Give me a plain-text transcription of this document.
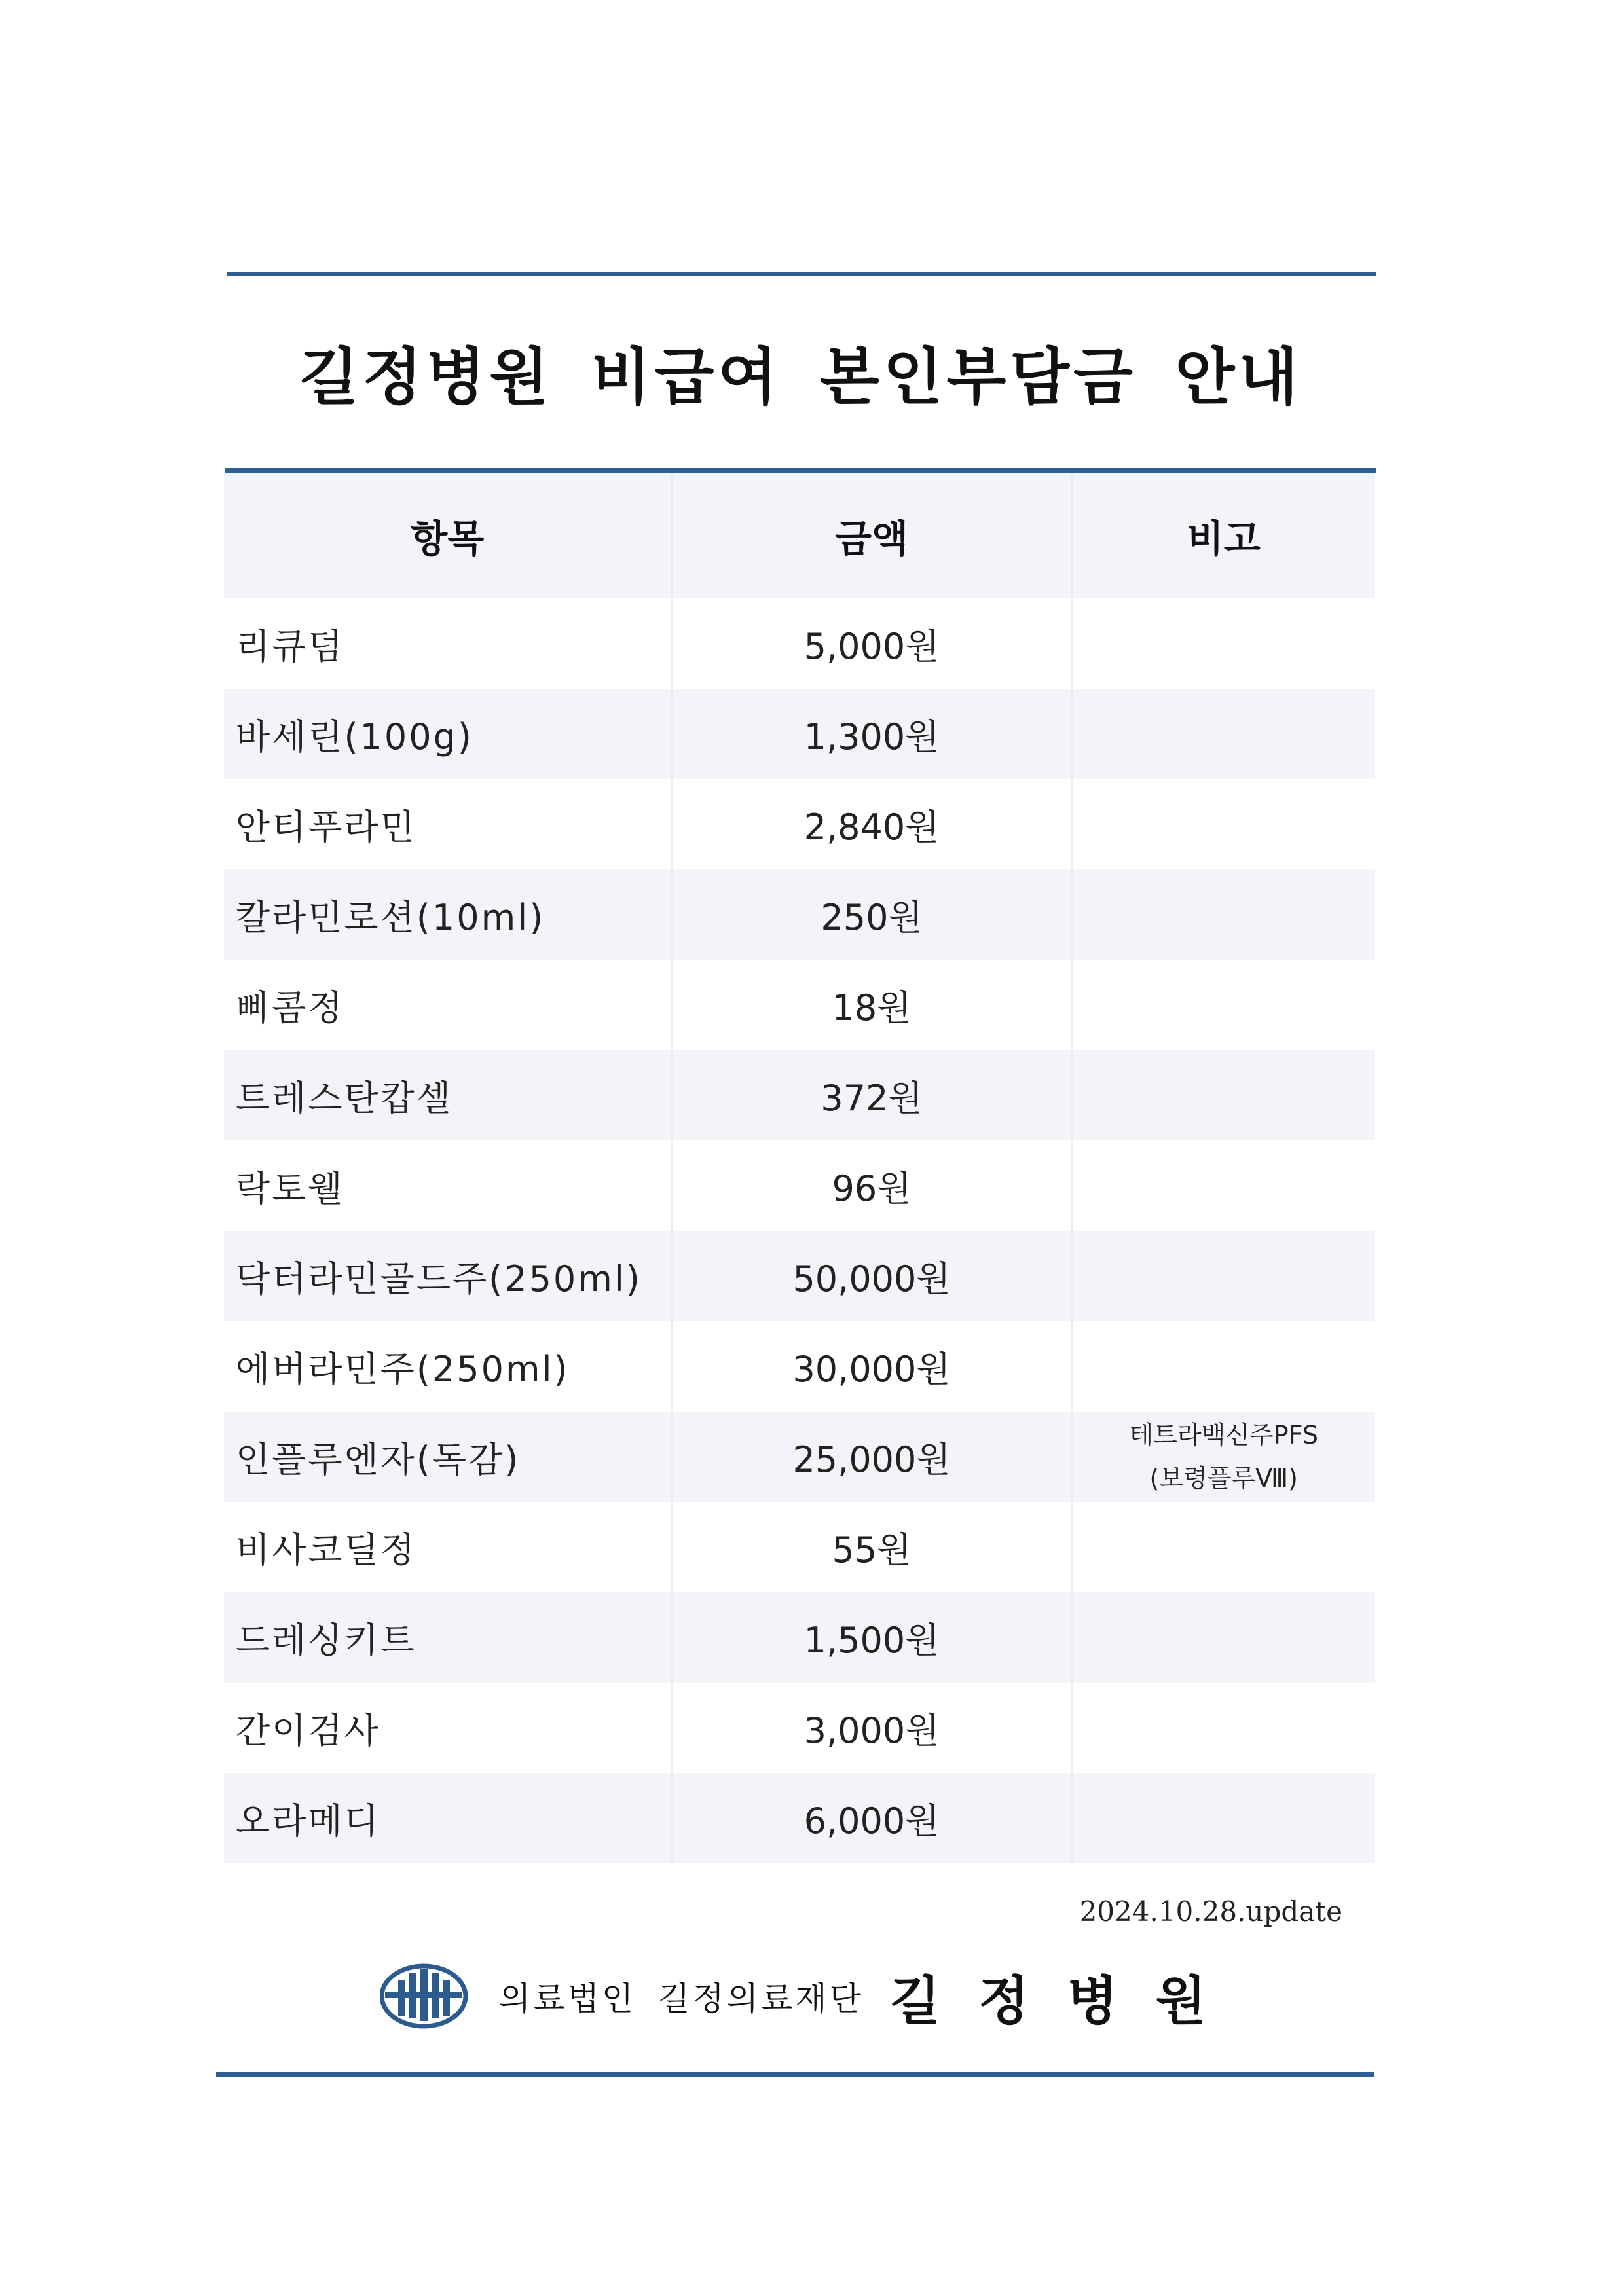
길정병원 비급여 본인부담금 안내
항목	금액	비고
리큐덤	5,000원	
바세린(100g)	1,300원	
안티푸라민	2,840원	
칼라민로션(10ml)	250원	
삐콤정	18원	
트레스탄캅셀	372원	
락토웰	96원	
닥터라민골드주(250ml)	50,000원	
에버라민주(250ml)	30,000원	
인플루엔자(독감)	25,000원	테트라백신주PFS
(보령플루Ⅷ)

비사코딜정	55원	
드레싱키트	1,500원	
간이검사	3,000원	
오라메디	6,000원	
2024.10.28.update
의료법인 길정의료재단 길정병원
